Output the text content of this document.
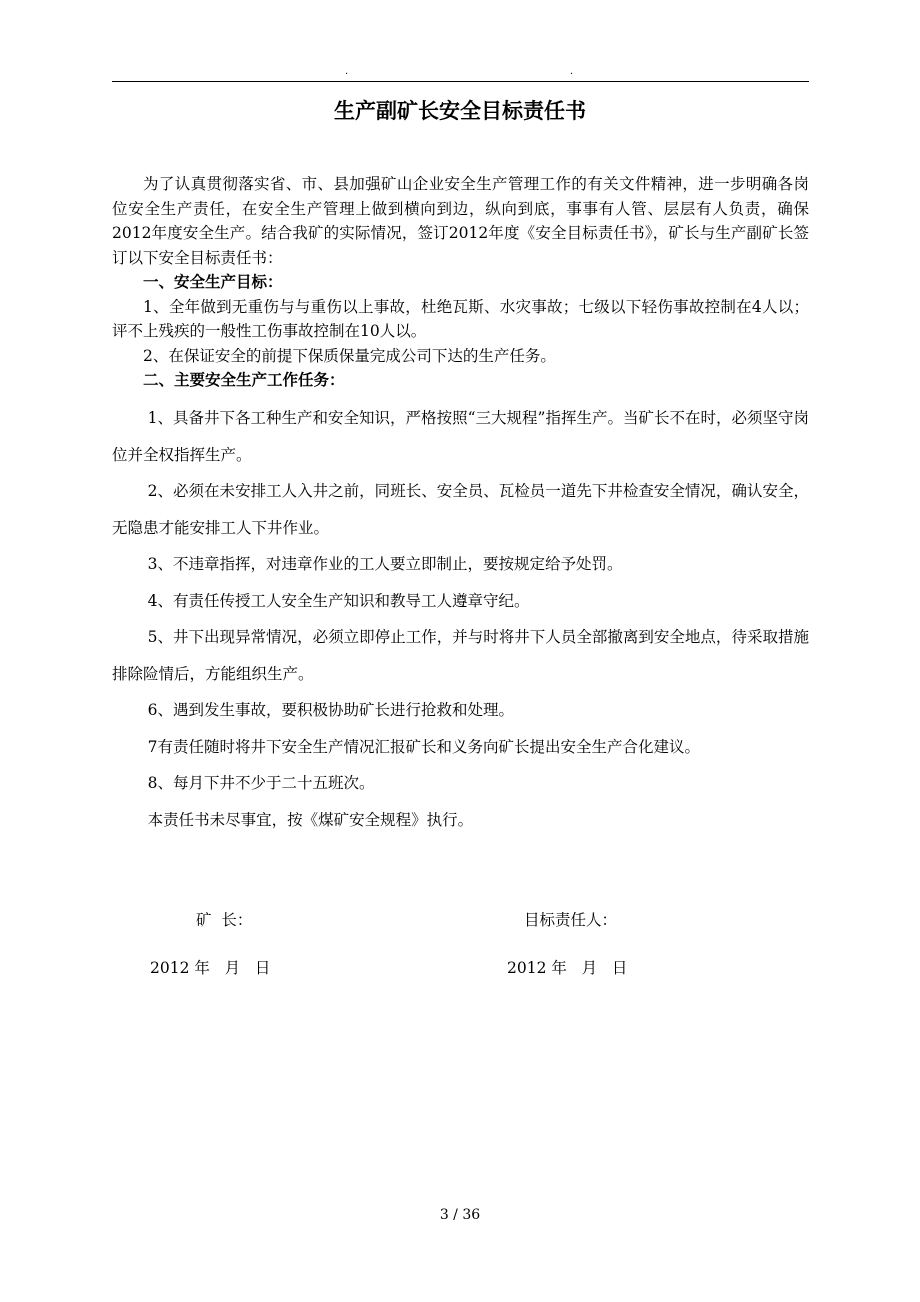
.	.
生产副矿长安全目标责任书

为了认真贯彻落实省、市、县加强矿山企业安全生产管理工作的有关文件精神，进一步明确各岗位安全生产责任，在安全生产管理上做到横向到边，纵向到底，事事有人管、层层有人负责，确保2012年度安全生产。结合我矿的实际情况，签订2012年度《安全目标责任书》，矿长与生产副矿长签订以下安全目标责任书：

一、安全生产目标：

1、全年做到无重伤与与重伤以上事故，杜绝瓦斯、水灾事故；七级以下轻伤事故控制在4人以；评不上残疾的一般性工伤事故控制在10人以。

2、在保证安全的前提下保质保量完成公司下达的生产任务。

二、主要安全生产工作任务：

1、具备井下各工种生产和安全知识，严格按照“三大规程”指挥生产。当矿长不在时，必须坚守岗位并全权指挥生产。

2、必须在未安排工人入井之前，同班长、安全员、瓦检员一道先下井检查安全情况，确认安全，无隐患才能安排工人下井作业。

3、不违章指挥，对违章作业的工人要立即制止，要按规定给予处罚。

4、有责任传授工人安全生产知识和教导工人遵章守纪。

5、井下出现异常情况，必须立即停止工作，并与时将井下人员全部撤离到安全地点，待采取措施排除险情后，方能组织生产。

6、遇到发生事故，要积极协助矿长进行抢救和处理。

7有责任随时将井下安全生产情况汇报矿长和义务向矿长提出安全生产合化建议。

8、每月下井不少于二十五班次。

本责任书未尽事宜，按《煤矿安全规程》执行。

矿  长：	目标责任人：
2012 年   月   日	2012 年   月   日
3 / 36
